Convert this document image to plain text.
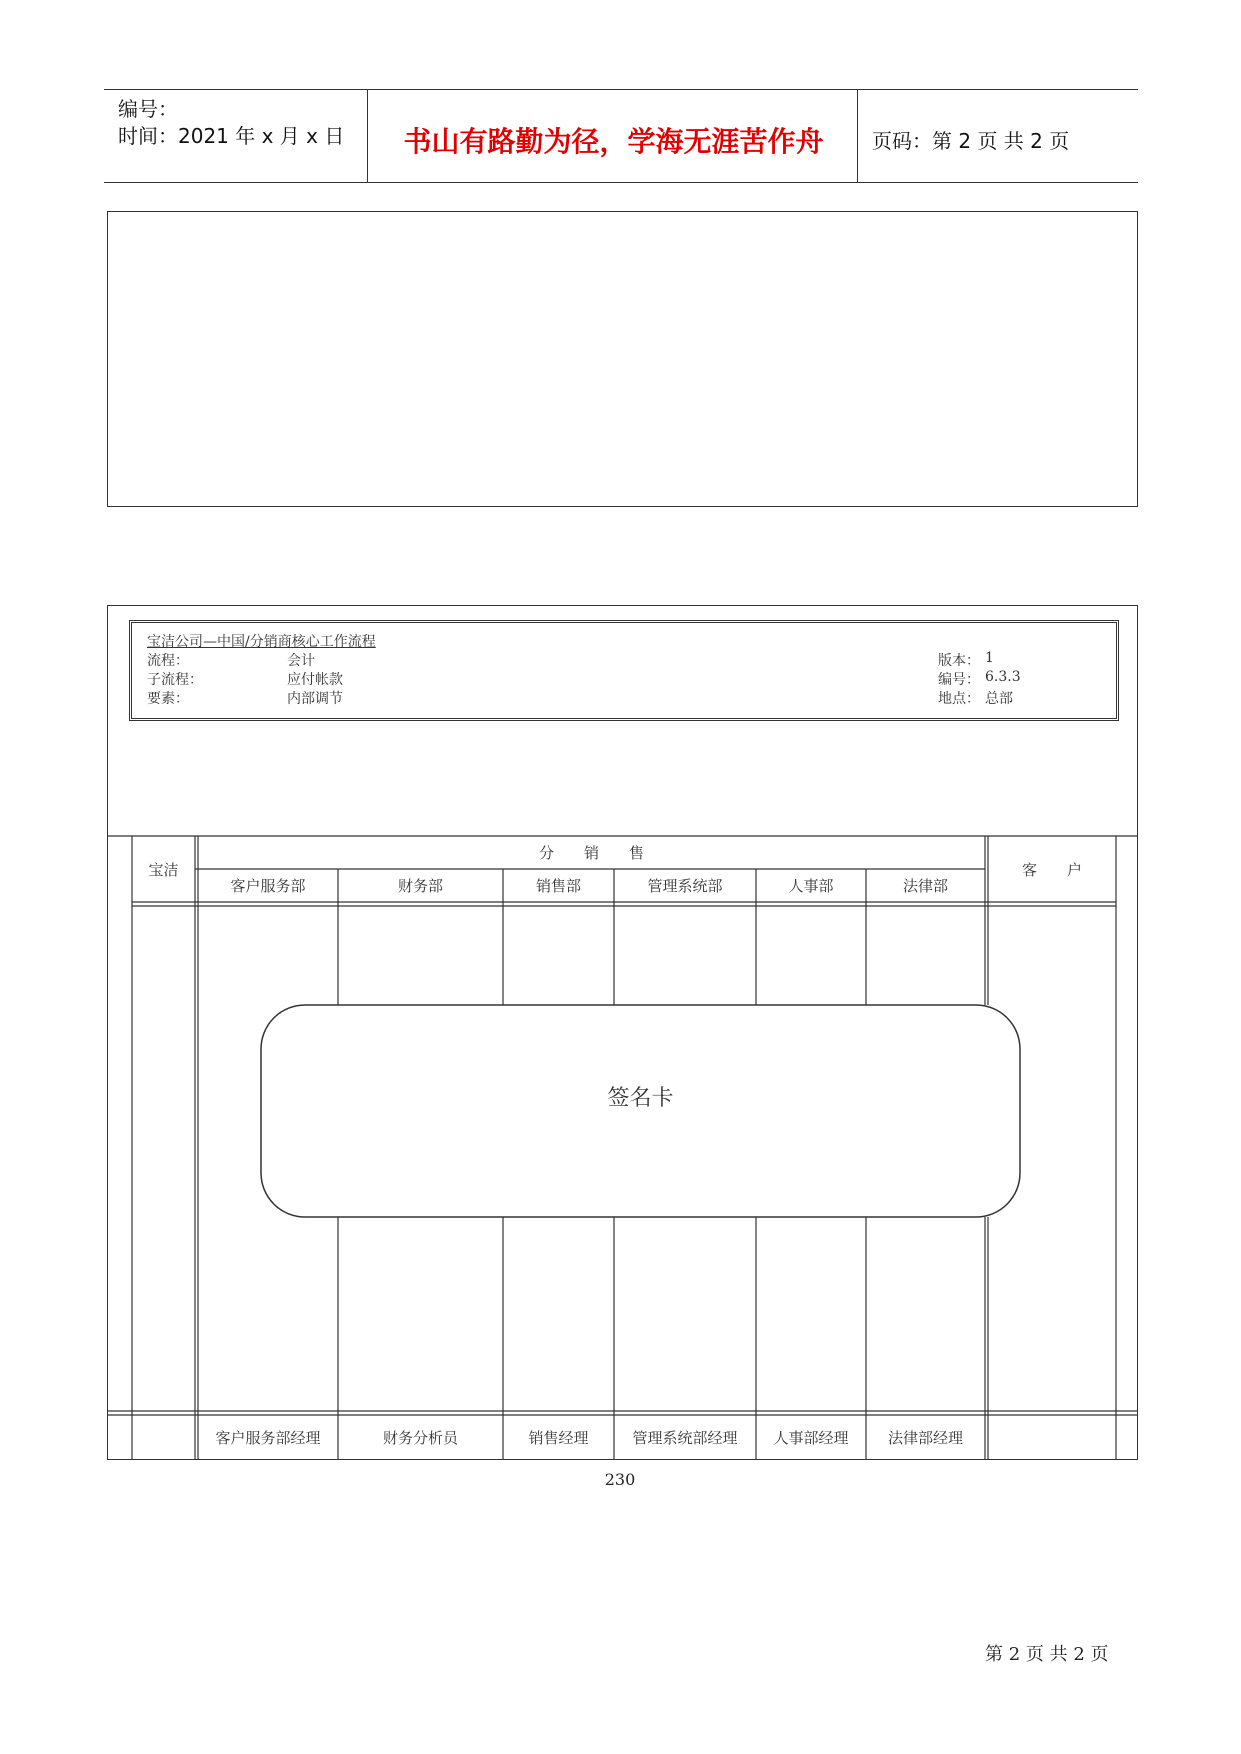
编号：
时间：2021 年 x 月 x 日	书山有路勤为径，学海无涯苦作舟	页码：第 2 页 共 2 页
宝洁公司—中国/分销商核心工作流程
流程：	会计
子流程：	应付帐款
要素：	内部调节
版本： 1
编号： 6.3.3
地点： 总部
宝洁
分　　销　　售
客　　户
客户服务部	财务部	销售部	管理系统部	人事部	法律部
签名卡
客户服务部经理	财务分析员	销售经理	管理系统部经理	人事部经理	法律部经理
230
第 2 页 共 2 页
